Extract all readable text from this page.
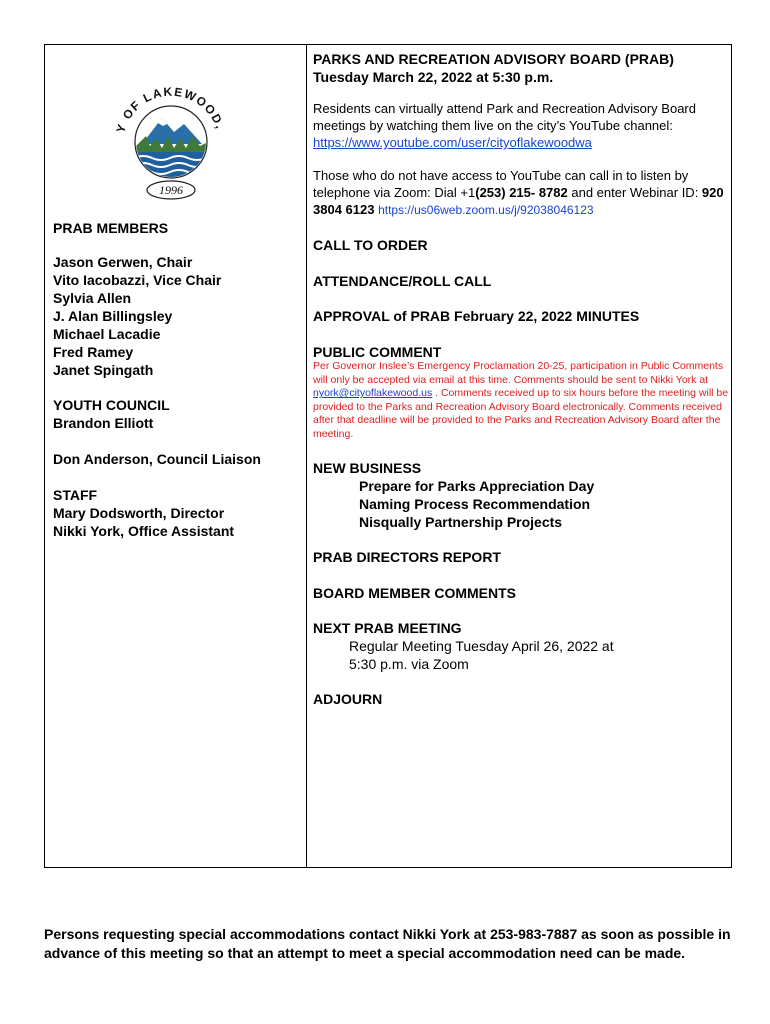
Y OF LAKEWOOD,
1996
PRAB MEMBERS
Jason Gerwen, Chair
Vito Iacobazzi, Vice Chair
Sylvia Allen
J. Alan Billingsley
Michael Lacadie
Fred Ramey
Janet Spingath
YOUTH COUNCIL
Brandon Elliott
Don Anderson, Council Liaison
STAFF
Mary Dodsworth, Director
Nikki York, Office Assistant
PARKS AND RECREATION ADVISORY BOARD (PRAB)
Tuesday March 22, 2022 at 5:30 p.m.
Residents can virtually attend Park and Recreation Advisory Board meetings by watching them live on the city’s YouTube channel: https://www.youtube.com/user/cityoflakewoodwa
Those who do not have access to YouTube can call in to listen by telephone via Zoom: Dial +1(253) 215- 8782 and enter Webinar ID: 920 3804 6123 https://us06web.zoom.us/j/92038046123
CALL TO ORDER
ATTENDANCE/ROLL CALL
APPROVAL of PRAB February 22, 2022 MINUTES
PUBLIC COMMENT
Per Governor Inslee’s Emergency Proclamation 20-25, participation in Public Comments will only be accepted via email at this time. Comments should be sent to Nikki York at nyork@cityoflakewood.us . Comments received up to six hours before the meeting will be provided to the Parks and Recreation Advisory Board electronically. Comments received after that deadline will be provided to the Parks and Recreation Advisory Board after the meeting.
NEW BUSINESS
Prepare for Parks Appreciation Day
Naming Process Recommendation
Nisqually Partnership Projects
PRAB DIRECTORS REPORT
BOARD MEMBER COMMENTS
NEXT PRAB MEETING
Regular Meeting Tuesday April 26, 2022 at
5:30 p.m. via Zoom
ADJOURN
Persons requesting special accommodations contact Nikki York at 253-983-7887 as soon as possible in advance of this meeting so that an attempt to meet a special accommodation need can be made.
